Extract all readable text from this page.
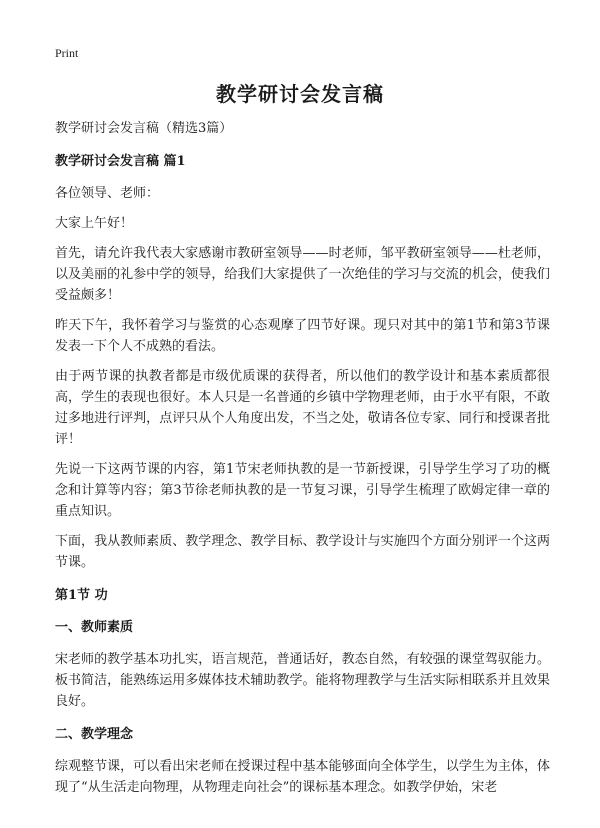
Print
教学研讨会发言稿

教学研讨会发言稿（精选3篇）

教学研讨会发言稿 篇1

各位领导、老师：

大家上午好！

首先，请允许我代表大家感谢市教研室领导——时老师，邹平教研室领导——杜老师，以及美丽的礼参中学的领导，给我们大家提供了一次绝佳的学习与交流的机会，使我们受益颇多！

昨天下午，我怀着学习与鉴赏的心态观摩了四节好课。现只对其中的第1节和第3节课发表一下个人不成熟的看法。

由于两节课的执教者都是市级优质课的获得者，所以他们的教学设计和基本素质都很高，学生的表现也很好。本人只是一名普通的乡镇中学物理老师，由于水平有限，不敢过多地进行评判，点评只从个人角度出发，不当之处，敬请各位专家、同行和授课者批评！

先说一下这两节课的内容，第1节宋老师执教的是一节新授课，引导学生学习了功的概念和计算等内容；第3节徐老师执教的是一节复习课，引导学生梳理了欧姆定律一章的重点知识。

下面，我从教师素质、教学理念、教学目标、教学设计与实施四个方面分别评一个这两节课。

第1节 功
一、教师素质

宋老师的教学基本功扎实，语言规范，普通话好，教态自然，有较强的课堂驾驭能力。板书简洁，能熟练运用多媒体技术辅助教学。能将物理教学与生活实际相联系并且效果良好。

二、教学理念

综观整节课，可以看出宋老师在授课过程中基本能够面向全体学生，以学生为主体，体现了“从生活走向物理，从物理走向社会”的课标基本理念。如教学伊始，宋老
